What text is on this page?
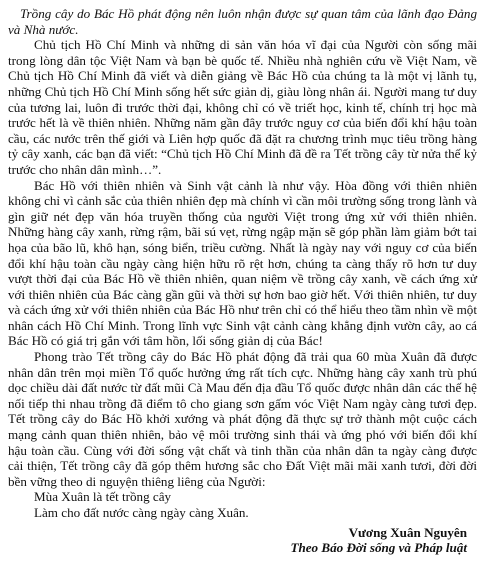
Trồng cây do Bác Hồ phát động nên luôn nhận được sự quan tâm của lãnh đạo Đảng và Nhà nước.

Chủ tịch Hồ Chí Minh và những di sản văn hóa vĩ đại của Người còn sống mãi trong lòng dân tộc Việt Nam và bạn bè quốc tế. Nhiều nhà nghiên cứu về Việt Nam, về Chủ tịch Hồ Chí Minh đã viết và diễn giảng về Bác Hồ của chúng ta là một vị lãnh tụ, những Chủ tịch Hồ Chí Minh sống hết sức giản dị, giàu lòng nhân ái. Người mang tư duy của tương lai, luôn đi trước thời đại, không chỉ có về triết học, kinh tế, chính trị học mà trước hết là về thiên nhiên. Những năm gần đây trước nguy cơ của biến đổi khí hậu toàn cầu, các nước trên thế giới và Liên hợp quốc đã đặt ra chương trình mục tiêu trồng hàng tỷ cây xanh, các bạn đã viết: “Chủ tịch Hồ Chí Minh đã đề ra Tết trồng cây từ nửa thế kỷ trước cho nhân dân mình…”.

Bác Hồ với thiên nhiên và Sinh vật cảnh là như vậy. Hòa đồng với thiên nhiên không chỉ vì cảnh sắc của thiên nhiên đẹp mà chính vì cần môi trường sống trong lành và gìn giữ nét đẹp văn hóa truyền thống của người Việt trong ứng xử với thiên nhiên. Những hàng cây xanh, rừng rậm, bãi sú vẹt, rừng ngập mặn sẽ góp phần làm giảm bớt tai họa của bão lũ, khô hạn, sóng biển, triều cường. Nhất là ngày nay với nguy cơ của biến đổi khí hậu toàn cầu ngày càng hiện hữu rõ rệt hơn, chúng ta càng thấy rõ hơn tư duy vượt thời đại của Bác Hồ về thiên nhiên, quan niệm về trồng cây xanh, về cách ứng xử với thiên nhiên của Bác càng gần gũi và thời sự hơn bao giờ hết. Với thiên nhiên, tư duy và cách ứng xử với thiên nhiên của Bác Hồ như trên chỉ có thể hiểu theo tầm nhìn về một nhân cách Hồ Chí Minh. Trong lĩnh vực Sinh vật cảnh càng khẳng định vườn cây, ao cá Bác Hồ có giá trị gắn với tâm hồn, lối sống giản dị của Bác!

Phong trào Tết trồng cây do Bác Hồ phát động đã trải qua 60 mùa Xuân đã được nhân dân trên mọi miền Tổ quốc hưởng ứng rất tích cực. Những hàng cây xanh trù phú dọc chiều dài đất nước từ đất mũi Cà Mau đến địa đầu Tổ quốc được nhân dân các thế hệ nối tiếp thi nhau trồng đã điểm tô cho giang sơn gấm vóc Việt Nam ngày càng tươi đẹp. Tết trồng cây do Bác Hồ khởi xướng và phát động đã thực sự trở thành một cuộc cách mạng cảnh quan thiên nhiên, bảo vệ môi trường sinh thái và ứng phó với biến đổi khí hậu toàn cầu. Cùng với đời sống vật chất và tinh thần của nhân dân ta ngày càng được cải thiện, Tết trồng cây đã góp thêm hương sắc cho Đất Việt mãi mãi xanh tươi, đời đời bền vững theo di nguyện thiêng liêng của Người:

Mùa Xuân là tết trồng cây

Làm cho đất nước càng ngày càng Xuân.

Vương Xuân Nguyên

Theo Báo Đời sống và Pháp luật
